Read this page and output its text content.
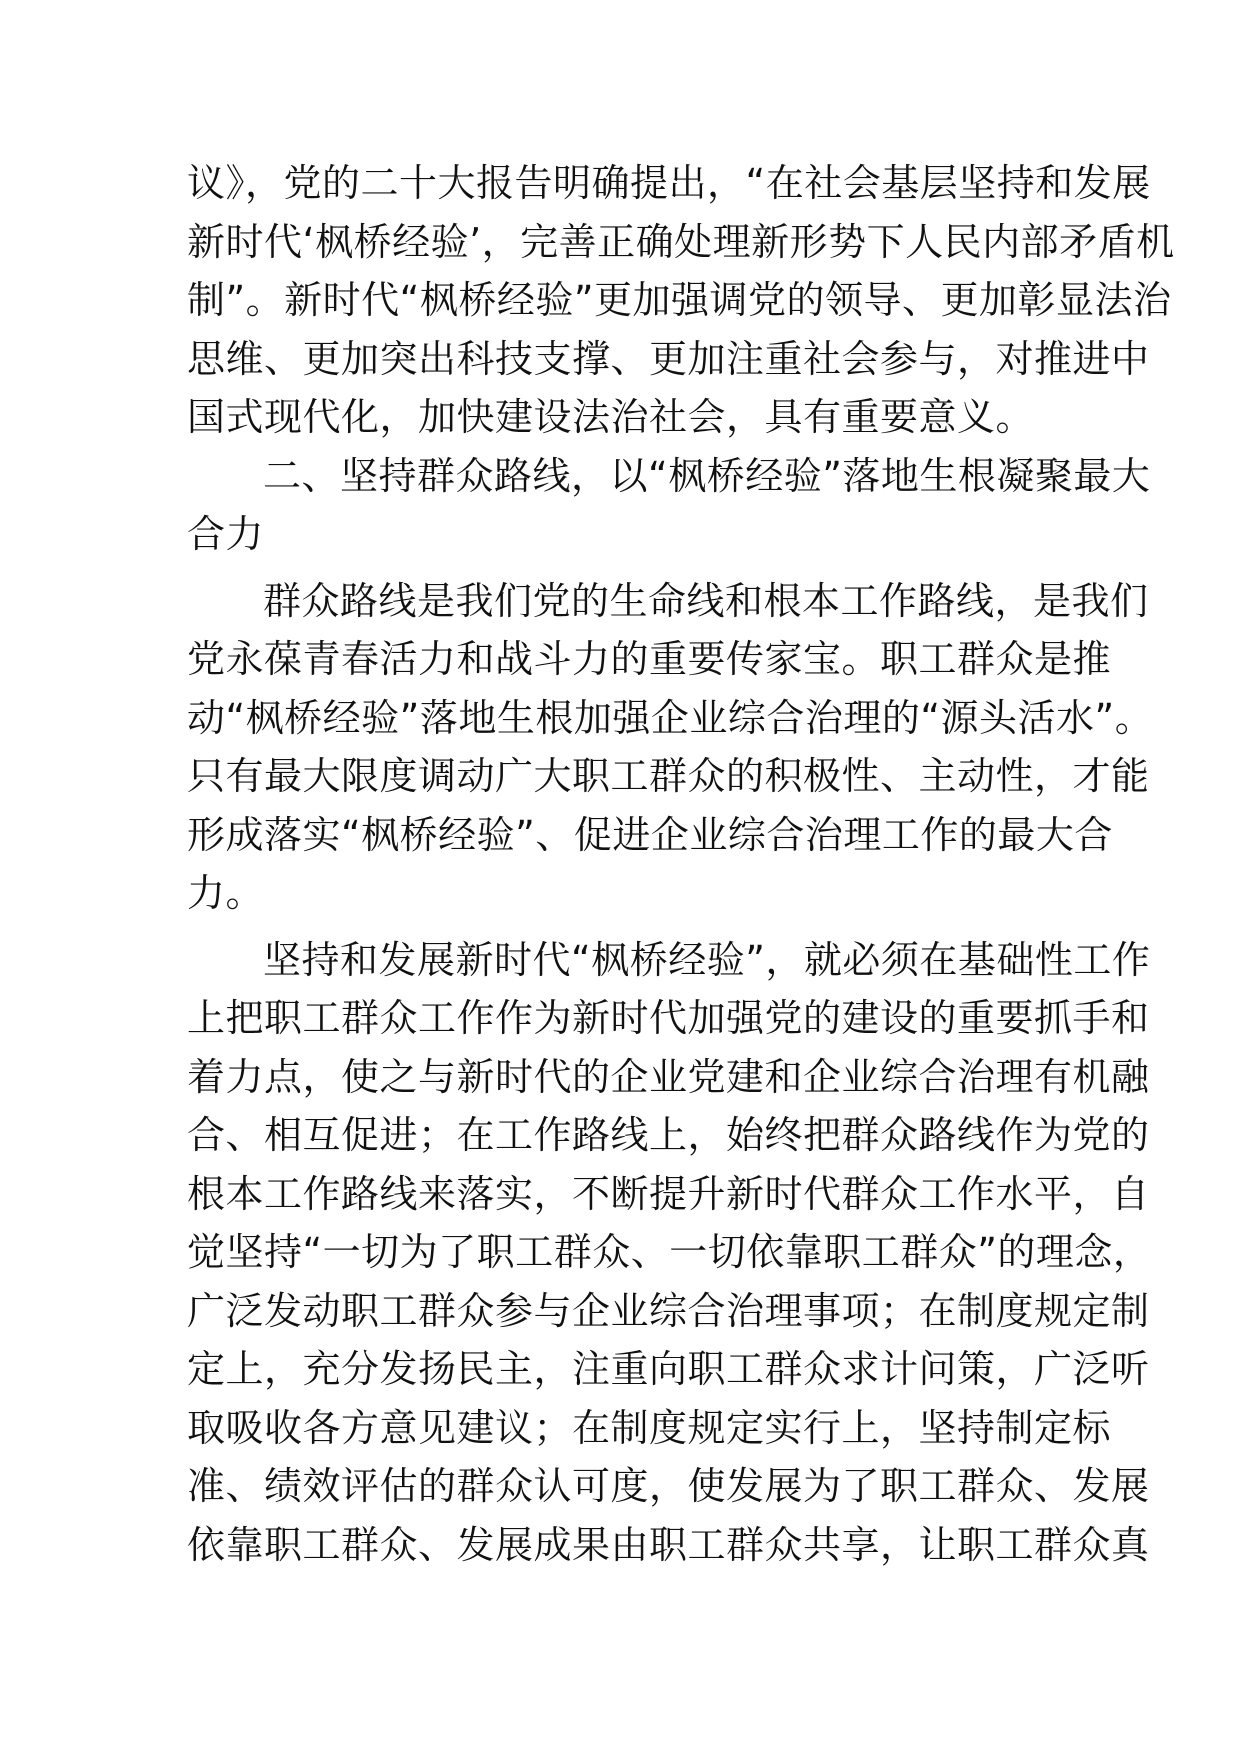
议》，党的二十大报告明确提出，“在社会基层坚持和发展
新时代‘枫桥经验’，完善正确处理新形势下人民内部矛盾机
制”。新时代“枫桥经验”更加强调党的领导、更加彰显法治
思维、更加突出科技支撑、更加注重社会参与，对推进中
国式现代化，加快建设法治社会，具有重要意义。
二、坚持群众路线，以“枫桥经验”落地生根凝聚最大
合力
群众路线是我们党的生命线和根本工作路线，是我们
党永葆青春活力和战斗力的重要传家宝。职工群众是推
动“枫桥经验”落地生根加强企业综合治理的“源头活水”。
只有最大限度调动广大职工群众的积极性、主动性，才能
形成落实“枫桥经验”、促进企业综合治理工作的最大合
力。
坚持和发展新时代“枫桥经验”，就必须在基础性工作
上把职工群众工作作为新时代加强党的建设的重要抓手和
着力点，使之与新时代的企业党建和企业综合治理有机融
合、相互促进；在工作路线上，始终把群众路线作为党的
根本工作路线来落实，不断提升新时代群众工作水平，自
觉坚持“一切为了职工群众、一切依靠职工群众”的理念，
广泛发动职工群众参与企业综合治理事项；在制度规定制
定上，充分发扬民主，注重向职工群众求计问策，广泛听
取吸收各方意见建议；在制度规定实行上，坚持制定标
准、绩效评估的群众认可度，使发展为了职工群众、发展
依靠职工群众、发展成果由职工群众共享，让职工群众真
